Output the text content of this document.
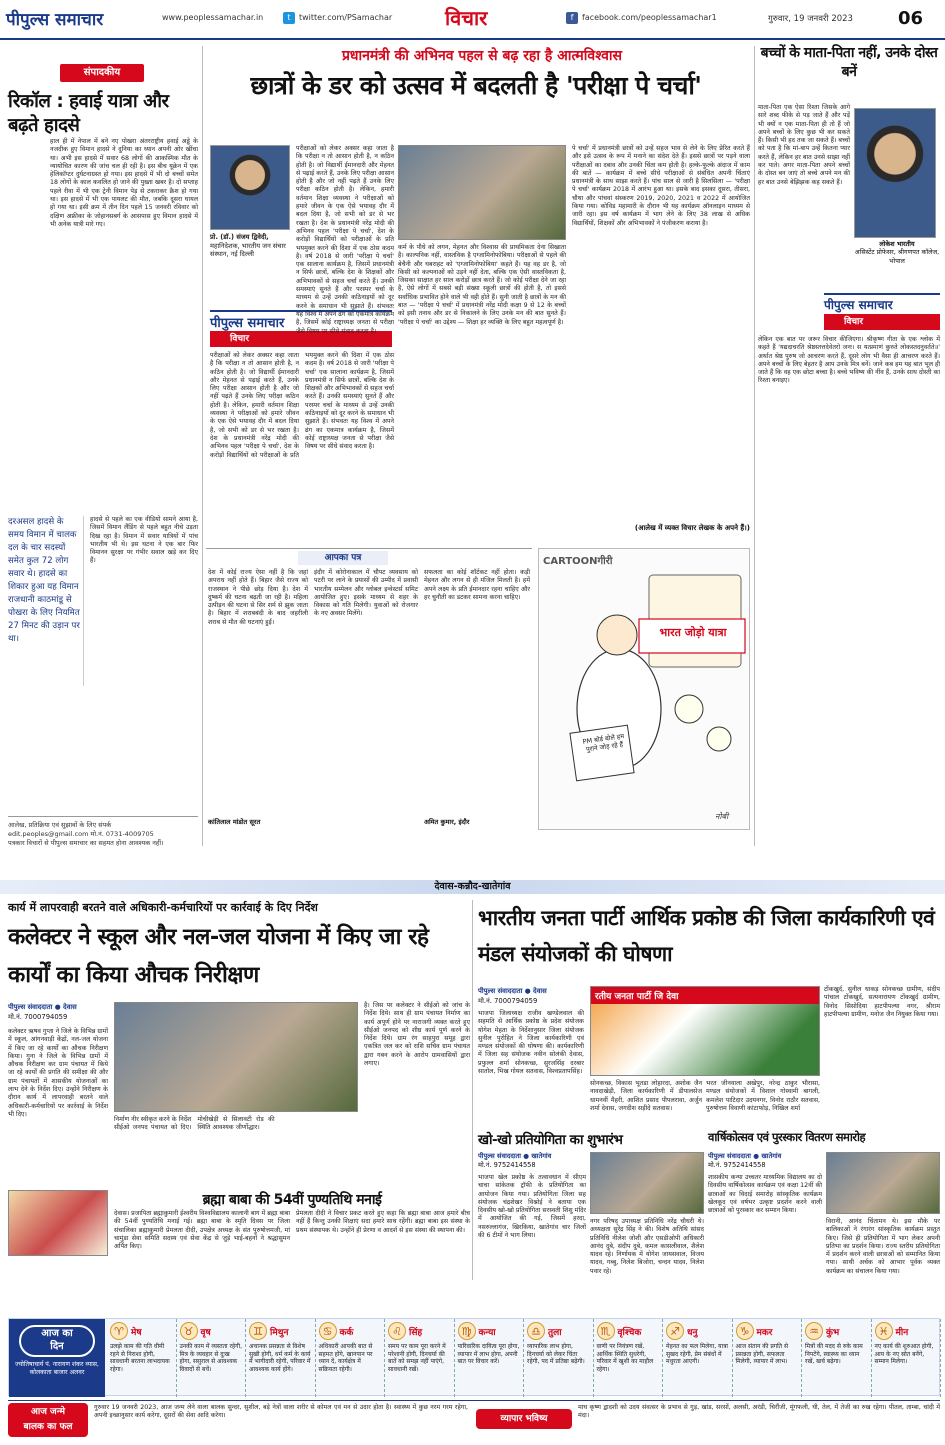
पीपुल्स समाचार	www.peoplessamachar.in	t	twitter.com/PSamachar	विचार	f	facebook.com/peoplessamachar1	गुरुवार, 19 जनवरी 2023	06
संपादकीय
रिकॉल : हवाई यात्रा और बढ़ते हादसे
हाल ही में नेपाल में बने नए पोखरा अंतरराष्ट्रीय हवाई अड्डे के नजदीक हुए विमान हादसे ने दुनिया का ध्यान अपनी ओर खींचा था। अभी इस हादसे में सवार 68 लोगों की आकस्मिक मौत के न्यायोचित कारण की जांच चल ही रही है। इस बीच यूक्रेन में एक हेलिकॉप्टर दुर्घटनाग्रस्त हो गया। इस हादसे में भी दो बच्चों समेत 18 लोगों के काल कवलित हो जाने की पुख्ता खबर है। दो सप्ताह पहले रीवा में भी एक ट्रेनी विमान पेड़ से टकराकर क्रैश हो गया था। इस हादसे में भी एक पायलट की मौत, जबकि दूसरा घायल हो गया था। इसी क्रम में तीन दिन पहले 15 जनवरी रविवार को दक्षिण अफ्रीका के जोहानसबर्ग के आसपास हुए विमान हादसे में भी अनेक यात्री मारे गए।
दरअसल हादसे के समय विमान में चालक दल के चार सदस्यों समेत कुल 72 लोग सवार थे। हादसे का शिकार हुआ यह विमान राजधानी काठमांडू से पोखरा के लिए नियमित 27 मिनट की उड़ान पर था।
हादसे से पहले का एक वीडियो सामने आया है, जिसमें विमान लैंडिंग से पहले बहुत नीचे उड़ता दिख रहा है। विमान में सवार यात्रियों में पांच भारतीय भी थे। इस घटना ने एक बार फिर विमानन सुरक्षा पर गंभीर सवाल खड़े कर दिए हैं।
आलेख, प्रतिक्रिया एवं सुझावों के लिए संपर्क
edit.peoples@gmail.com मो.नं. 0731-4009705
पत्रकार विचारों से पीपुल्स समाचार का सहमत होना आवश्यक नहीं।
प्रधानमंत्री की अभिनव पहल से बढ़ रहा है आत्मविश्वास
छात्रों के डर को उत्सव में बदलती है 'परीक्षा पे चर्चा'
प्रो. (डॉ.) संजय द्विवेदी,
महानिदेशक, भारतीय जन संचार संस्थान, नई दिल्ली
पीपुल्स समाचार
विचार
परीक्षाओं को लेकर अक्सर कहा जाता है कि परीक्षा न तो आसान होती है, न कठिन होती है। जो विद्यार्थी ईमानदारी और मेहनत से पढ़ाई करते हैं, उनके लिए परीक्षा आसान होती है और जो नहीं पढ़ते हैं उनके लिए परीक्षा कठिन होती है। लेकिन, हमारी वर्तमान शिक्षा व्यवस्था ने परीक्षाओं को हमारे जीवन के एक ऐसे भयावह दौर में बदल दिया है, जो सभी को डर से भर रखता है। देश के प्रधानमंत्री नरेंद्र मोदी की अभिनव पहल 'परीक्षा पे चर्चा', देश के करोड़ों विद्यार्थियों को परीक्षाओं के प्रति भयमुक्त करने की दिशा में एक ठोस कदम है। वर्ष 2018 से जारी 'परीक्षा पे चर्चा' एक सालाना कार्यक्रम है, जिसमें प्रधानमंत्री न सिर्फ छात्रों, बल्कि देश के शिक्षकों और अभिभावकों से सहज चर्चा करते हैं। उनकी समस्याएं सुनते हैं और परस्पर चर्चा के माध्यम से उन्हें उनकी कठिनाइयों को दूर करने के समाधान भी सुझाते हैं। संभवतः यह विश्व में अपने ढंग का एकमात्र कार्यक्रम है, जिसमें कोई राष्ट्राध्यक्ष जनता से परीक्षा जैसे विषय पर सीधे संवाद करता है।
परीक्षाओं को लेकर अक्सर कहा जाता है कि परीक्षा न तो आसान होती है, न कठिन होती है। जो विद्यार्थी ईमानदारी और मेहनत से पढ़ाई करते हैं, उनके लिए परीक्षा आसान होती है और जो नहीं पढ़ते हैं उनके लिए परीक्षा कठिन होती है। लेकिन, हमारी वर्तमान शिक्षा व्यवस्था ने परीक्षाओं को हमारे जीवन के एक ऐसे भयावह दौर में बदल दिया है, जो सभी को डर से भर रखता है। देश के प्रधानमंत्री नरेंद्र मोदी की अभिनव पहल 'परीक्षा पे चर्चा', देश के करोड़ों विद्यार्थियों को परीक्षाओं के प्रति भयमुक्त करने की दिशा में एक ठोस कदम है। वर्ष 2018 से जारी 'परीक्षा पे चर्चा' एक सालाना कार्यक्रम है, जिसमें प्रधानमंत्री न सिर्फ छात्रों, बल्कि देश के शिक्षकों और अभिभावकों से सहज चर्चा करते हैं। उनकी समस्याएं सुनते हैं और परस्पर चर्चा के माध्यम से उन्हें उनकी कठिनाइयों को दूर करने के समाधान भी सुझाते हैं। संभवतः यह विश्व में अपने ढंग का एकमात्र कार्यक्रम है, जिसमें कोई राष्ट्राध्यक्ष जनता से परीक्षा जैसे विषय पर सीधे संवाद करता है।
कर्म के पौधे को लगन, मेहनत और विश्वास की प्राथमिकता देना सिखाता है। काल्पनिक नहीं, वास्तविक है एग्जामिनोफोबिया। परीक्षाओं से पहले की बेचैनी और घबराहट को 'एग्जामिनोफोबिया' कहते हैं। यह वह डर है, जो किसी को कल्पनाओं को उड़ने नहीं देता, बल्कि एक ऐसी वास्तविकता है, जिसका साक्षात हर साल करोड़ों छात्र करते हैं। जो कोई परीक्षा देने जा रहा है, ऐसे लोगों में सबसे बड़ी संख्या स्कूली छात्रों की होती है, तो इससे सर्वाधिक प्रभावित होने वाले भी वही होते हैं। सुनी जाती है छात्रों के मन की बात — 'परीक्षा पे चर्चा' में प्रधानमंत्री नरेंद्र मोदी कक्षा 9 से 12 के बच्चों को इसी तनाव और डर से निकालने के लिए उनके मन की बात सुनते हैं। 'परीक्षा पे चर्चा' का उद्देश्य — शिक्षा हर व्यक्ति के लिए बहुत महत्वपूर्ण है।
पे चर्चा' में प्रधानमंत्री छात्रों को उन्हें सहज भाव से लेने के लिए प्रेरित करते हैं और इसे उत्सव के रूप में मनाने का संदेश देते हैं। इससे छात्रों पर पड़ने वाला परीक्षाओं का दबाव और उनकी चिंता कम होती है। हल्के-फुल्के अंदाज में काम की बातें — कार्यक्रम में बच्चे सीधे परीक्षाओं से संबंधित अपनी चिंताएं प्रधानमंत्री के साथ साझा करते हैं। पांच साल से जारी है सिलसिला — 'परीक्षा पे चर्चा' कार्यक्रम 2018 में आरंभ हुआ था। इसके बाद इसका दूसरा, तीसरा, चौथा और पांचवां संस्करण 2019, 2020, 2021 व 2022 में आयोजित किया गया। कोविड महामारी के दौरान भी यह कार्यक्रम ऑनलाइन माध्यम से जारी रहा। इस वर्ष कार्यक्रम में भाग लेने के लिए 38 लाख से अधिक विद्यार्थियों, शिक्षकों और अभिभावकों ने पंजीकरण कराया है।
(आलेख में व्यक्त विचार लेखक के अपने हैं।)
बच्चों के माता-पिता नहीं, उनके दोस्त बनें
माता-पिता एक ऐसा रिश्ता जिसके आगे सारे शब्द फीके से पड़ जाते हैं और पड़ें भी क्यों न एक माता-पिता ही तो हैं जो अपने बच्चों के लिए कुछ भी कर सकते हैं। किसी भी हद तक जा सकते हैं। बच्चों को पता है कि मां-बाप उन्हें कितना प्यार करते हैं, लेकिन हर बात उनसे साझा नहीं कर पाते। अगर माता-पिता अपने बच्चों के दोस्त बन जाएं तो बच्चे अपने मन की हर बात उनसे बेझिझक कह सकते हैं।
लोकेश भारतीय
असिस्टेंट प्रोफेसर, श्रीगणपत कॉलेज, भोपाल
पीपुल्स समाचार
विचार
लेकिन एक बात पर जरूर विचार कीजिएगा। श्रीकृष्ण गीता के एक श्लोक में कहते हैं 'यद्यदाचरति श्रेष्ठस्तत्तदेवेतरो जनः। स यत्प्रमाणं कुरुते लोकस्तदनुवर्तते॥' अर्थात श्रेष्ठ पुरुष जो आचरण करते हैं, दूसरे लोग भी वैसा ही आचरण करते हैं। अपने बच्चों के लिए बेहतर है आप उनके मित्र बनें। जाने कब हम यह बात भूल ही जाते हैं कि वह एक छोटा बच्चा है। बच्चे भविष्य की नींव हैं, उनके साथ दोस्ती का रिश्ता बनाइए।
आपका पत्र
देश में कोई राज्य ऐसा नहीं है कि जहां अपराध नहीं होते हैं। बिहार जैसे राज्य को राजस्थान ने पीछे छोड़ दिया है। देश में दुष्कर्म की घटना बढ़ती जा रही है। महिला उत्पीड़न की घटना से सिर शर्म से झुक जाता है। बिहार में शराबबंदी के बाद जहरीली शराब से मौत की घटनाएं हुईं।
कांतिलाल मांडोत सूरत
इंदौर में कोरोनाकाल में चौपट व्यवसाय को पटरी पर लाने के प्रयासों की उम्मीद में प्रवासी भारतीय सम्मेलन और ग्लोबल इन्वेस्टर्स समिट आयोजित हुए। इसके माध्यम से शहर के विकास को गति मिलेगी। युवाओं को रोजगार के नए अवसर मिलेंगे।
सफलता का कोई शॉर्टकट नहीं होता। कड़ी मेहनत और लगन से ही मंजिल मिलती है। हमें अपने लक्ष्य के प्रति ईमानदार रहना चाहिए और हर चुनौती का डटकर सामना करना चाहिए।
अमित कुमार, इंदौर
CARTOONगीरी
भारत जोड़ो यात्रा
PM बोर्ड बोले हम पुराने जोड़ रहे हैं
नोबी
देवास-कन्नौद-खातेगांव
कार्य में लापरवाही बरतने वाले अधिकारी-कर्मचारियों पर कार्रवाई के दिए निर्देश
कलेक्टर ने स्कूल और नल-जल योजना में किए जा रहे कार्यों का किया औचक निरीक्षण
पीपुल्स संवाददाता ● देवास
मो.नं. 7000794059
कलेक्टर ऋषव गुप्ता ने जिले के विभिन्न ग्रामों में स्कूल, आंगनवाड़ी केंद्रों, नल-जल योजना में किए जा रहे कार्यों का औचक निरीक्षण किया। गुना ने जिले के विभिन्न ग्रामों में औचक निरीक्षण कर ग्राम पंचायत में किये जा रहे कार्यों की प्रगति की समीक्षा की और ग्राम पंचायतों में शासकीय योजनाओं का लाभ देने के निर्देश दिए। उन्होंने निरीक्षण के दौरान कार्य में लापरवाही बरतने वाले अधिकारी-कर्मचारियों पर कार्रवाई के निर्देश भी दिए।
निर्माण नीर स्वीकृत करने के निर्देश सीईओ जनपद पंचायत को दिए। मोचीखेड़ी से सिलावटी रोड की स्थिति आवश्यक जीर्णोद्धार।
है। जिस पर कलेक्टर ने सीईओ को जांच के निर्देश दिये। साथ ही ग्राम पंचायत निर्माण का कार्य अपूर्ण होने पर नाराजगी व्यक्त करते हुए सीईओ जनपद को शीघ्र कार्य पूर्ण करने के निर्देश दिये। ग्राम रंग साहपुरा समूह द्वारा एकत्रित जल कर को राशि सचिव ग्राम पंचायत द्वारा गबन करने के आरोप ग्रामवासियों द्वारा लगाए।
ब्रह्मा बाबा की 54वीं पुण्यतिथि मनाई
देवास। प्रजापिता ब्रह्माकुमारी ईश्वरीय विश्वविद्यालय कालानी बाग में ब्रह्मा बाबा की 54वीं पुण्यतिथि मनाई गई। ब्रह्मा बाबा के स्मृति दिवस पर जिला संचालिका ब्रह्माकुमारी प्रेमलता दीदी, उपक्षेत्र अध्यक्ष के संत पुरुषोत्तमजी, मां चामुंडा सेवा समिति सदस्य एवं सेवा केंद्र से जुड़े भाई-बहनों ने श्रद्धासुमन अर्पित किए।
प्रेमलता दीदी ने विचार प्रकट करते हुए कहा कि ब्रह्मा बाबा आज हमारे बीच नहीं हैं किन्तु उनकी शिक्षाएं सदा हमारे साथ रहेंगी। ब्रह्मा बाबा इस संस्था के प्रथम संस्थापक थे। उन्होंने ही प्रेरणा व आदर्श से इस संस्था की स्थापना की।
भारतीय जनता पार्टी आर्थिक प्रकोष्ठ की जिला कार्यकारिणी एवं मंडल संयोजकों की घोषणा
पीपुल्स संवाददाता ● देवास
मो.नं. 7000794059
भाजपा जिलाध्यक्ष राजीव खण्डेलवाल की सहमति से आर्थिक प्रकोष्ठ के प्रदेश संयोजक योगेश मेहता के निर्देशानुसार जिला संयोजक सुनील पुरोहित ने जिला कार्यकारिणी एवं मण्डल संयोजकों की घोषणा की। कार्यकारिणी में जिला सह संयोजक नवीन सोलंकी देवास, प्रफुल्ल शर्मा सोनकच्छ, सुरजसिंह दरबार सातोल, भिख गोयल सतवास, विश्वप्रतापसिंह।
रतीय जनता पार्टी जि देवा
सोनकच्छ, विकास भूतडा लोहारदा, अशोक जैन नावदाखेड़ी, जिला कार्यकारिणी में डीपालसेज धामनवीं मैहरी, आशित प्रसाद पीपलरावा, अर्जुन शर्मा देवास, जगदीश सड़ीदे सतवास।
भरत जीनवाला अखेपुर, नरेन्द्र ठाकुर भौरासा, मण्डल संयोजकों में विशाल गोस्वामी बागली, कमलेश पाटिदार उदयनगर, विनोद राठौर सतवास, पुरुषोत्तम विवाणी कांटाफोड़, निखिल शर्मा
टोंकखुर्द, सुनील धाकड़ सोनकच्छ ग्रामीण, संदीप पांचाल टोंकखुर्द, सत्यनारायण टोंकखुर्द ग्रामीण, विनोद सिसोदिया हाटपीपल्या नगर, श्रीराम हाटपीपल्या ग्रामीण, मनोज जैन नियुक्त किया गया।
खो-खो प्रतियोगिता का शुभारंभ
पीपुल्स संवाददाता ● खातेगांव
मो.नं. 9752414558
भाजपा खेल प्रकोष्ठ के तत्वावधान में सीएम चाचा सांकेतक ट्रॉफी के प्रतियोगिता का आयोजन किया गया। प्रतियोगिता जिला सह संयोजक चंद्रशेखर विश्नोई ने बताया एक दिवसीय खो-खो प्रतियोगिता सरस्वती शिशु मंदिर में आयोजित की गई, जिसमें हरदा, नसरुल्लागंज, खिरकिया, खातेगांव चार जिलों की 6 टीमों ने भाग लिया।
नगर परिषद् उपाध्यक्ष प्रतिनिधि नरेंद्र चौधरी थे। अध्यक्षता सुरेंद्र सिंह ने की। विशेष अतिथि सांसद प्रतिनिधि नीलेश जोशी और एसडीओपी अधिकारी आनंद दुबे, संदीप दुबे, कमल कासलीवाल, शैलेश यादव रहे। निर्णायक में योगेश जायसवाल, विजय यादव, गब्बु, निलेश बिजोरा, चन्दन यादव, निलेश पवार रहे।
वार्षिकोत्सव एवं पुरस्कार वितरण समारोह
पीपुल्स संवाददाता ● खातेगांव
मो.नं. 9752414558
शासकीय कन्या उच्चतर माध्यमिक विद्यालय का दो दिवसीय वार्षिकोत्सव कार्यक्रम एवं कक्षा 12वीं की छात्राओं का विदाई समारोह सांस्कृतिक कार्यक्रम खेलकूद एवं वर्षभर उत्कृष्ट प्रदर्शन करने वाली छात्राओं को पुरस्कार कर सम्मान किया।
विरानी, आनंद चिंतामन थे। इस मौके पर बालिकाओं ने रंगारंग सांस्कृतिक कार्यक्रम प्रस्तुत किए। जिसे ही प्रतियोगिता में भाग लेकर अपनी प्रतिभा का प्रदर्शन किया। राज्य स्तरीय प्रतियोगिता में प्रदर्शन करने वाली छात्राओं को सम्मानित किया गया। साथी अर्चक को आभार पूर्वक व्यक्त कार्यक्रम का संचालन किया गया।
आज का
दिन
ज्योतिषाचार्य पं. नारायण शंकर व्यास, कोलकाता बाजार अलवर
♈ मेष
उलझे काम की गति धीमी रहने से निराशा होगी, सावधानी बरतना लाभदायक रहेगा।
♉ वृष
उनकी काम में व्यस्तता रहेगी, मित्र के व्यवहार से दुःख होगा, ससुराल से आवश्यक विवादों से बचें।
♊ मिथुन
अचानक प्रसन्नता से विशेष सुखी होगी, धर्म कर्म के कार्य में भागीदारी रहेगी, परिवार में आवश्यक कार्य होंगे।
♋ कर्क
अधिकारी आपकी बात से सहमत होंगे, खानपान पर ध्यान दें, कार्यक्षेत्र में सक्रियता रहेगी।
♌ सिंह
समय पर काम पूरा करने में परेशानी होगी, दिनचर्या की बातें को समझ नहीं पाएंगे, सावधानी रखें।
♍ कन्या
पारिवारिक दायित्व पूरा होगा, व्यापार में लाभ होगा, अपनी बात पर विचार करें।
♎ तुला
व्यापारिक लाभ होगा, दिनचर्या को लेकर चिंता रहेगी, पद में प्रतिष्ठा बढ़ेगी।
♏ वृश्चिक
वाणी पर नियंत्रण रखें, आर्थिक स्थिति सुधरेगी, परिवार में खुशी का माहौल रहेगा।
♐ धनु
मेहनत का फल मिलेगा, यात्रा सुखद रहेगी, प्रेम संबंधों में मधुरता आएगी।
♑ मकर
आज संतान की प्रगति से प्रसन्नता होगी, सफलता मिलेगी, व्यापार में लाभ।
♒ कुंभ
मित्रों की मदद से रुके काम निपटेंगे, स्वास्थ्य का ध्यान रखें, खर्च बढ़ेगा।
♓ मीन
नए कार्य की शुरुआत होगी, आय के नए स्रोत बनेंगे, सम्मान मिलेगा।
आज जन्मे
बालक का फल
गुरुवार 19 जनवरी 2023, आज जन्म लेने वाला बालक सुन्दर, सुशील, बड़े नेत्रों वाला शरीर से कोमल एवं मन से उदार होता है। स्वास्थ्य में कुछ नरम गरम रहेगा, अपनी इच्छानुसार कार्य करेगा, दूसरों की सेवा आदि करेगा।	व्यापार भविष्य
माघ कृष्ण द्वादशी को उदय संवत्सर के प्रभाव से गुड़, खांड, सरसों, अलसी, अरंडी, चिरौंजी, मूंगफली, घी, तेल, में तेजी का रुख रहेगा। पीतल, ताम्बा, चांदी में मंदा।
